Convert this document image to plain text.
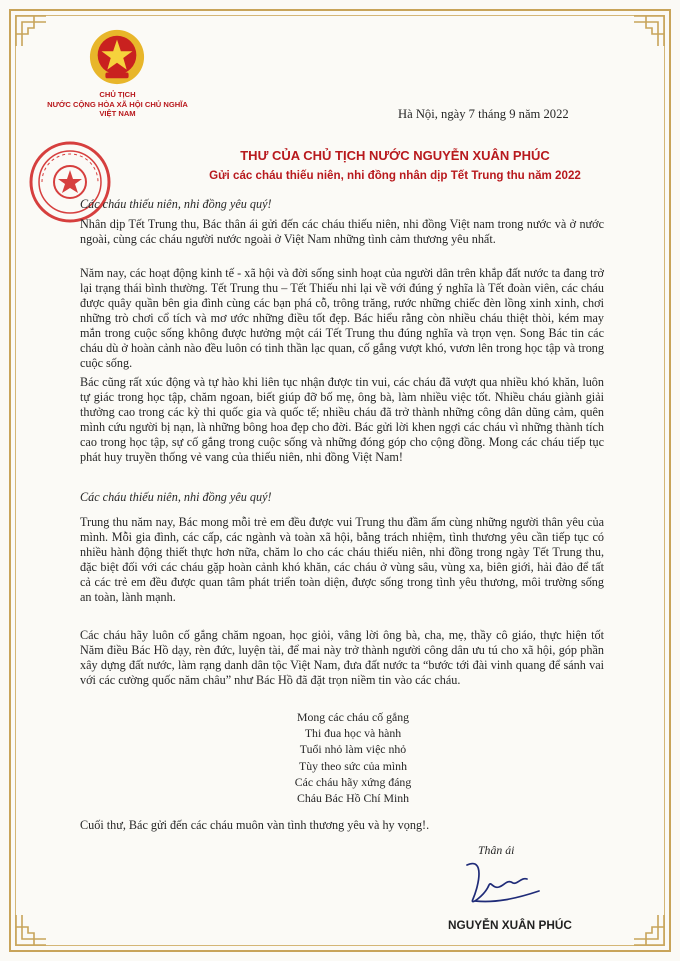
CHỦ TỊCH
NƯỚC CỘNG HÒA XÃ HỘI CHỦ NGHĨA
VIỆT NAM	Hà Nội, ngày 7 tháng 9 năm 2022
THƯ CỦA CHỦ TỊCH NƯỚC NGUYỄN XUÂN PHÚC
Gửi các cháu thiếu niên, nhi đồng nhân dịp Tết Trung thu năm 2022
Các cháu thiếu niên, nhi đồng yêu quý!
Nhân dịp Tết Trung thu, Bác thân ái gửi đến các cháu thiếu niên, nhi đồng Việt nam trong nước và ở nước ngoài, cùng các cháu người nước ngoài ở Việt Nam những tình cảm thương yêu nhất.
Năm nay, các hoạt động kinh tế - xã hội và đời sống sinh hoạt của người dân trên khắp đất nước ta đang trở lại trạng thái bình thường. Tết Trung thu – Tết Thiếu nhi lại về với đúng ý nghĩa là Tết đoàn viên, các cháu được quây quần bên gia đình cùng các bạn phá cỗ, trông trăng, rước những chiếc đèn lồng xinh xinh, chơi những trò chơi cổ tích và mơ ước những điều tốt đẹp. Bác hiểu rằng còn nhiều cháu thiệt thòi, kém may mắn trong cuộc sống không được hưởng một cái Tết Trung thu đúng nghĩa và trọn vẹn. Song Bác tin các cháu dù ở hoàn cảnh nào đều luôn có tinh thần lạc quan, cố gắng vượt khó, vươn lên trong học tập và trong cuộc sống.
Bác cũng rất xúc động và tự hào khi liên tục nhận được tin vui, các cháu đã vượt qua nhiều khó khăn, luôn tự giác trong học tập, chăm ngoan, biết giúp đỡ bố mẹ, ông bà, làm nhiều việc tốt. Nhiều cháu giành giải thưởng cao trong các kỳ thi quốc gia và quốc tế; nhiều cháu đã trở thành những công dân dũng cảm, quên mình cứu người bị nạn, là những bông hoa đẹp cho đời. Bác gửi lời khen ngợi các cháu vì những thành tích cao trong học tập, sự cố gắng trong cuộc sống và những đóng góp cho cộng đồng. Mong các cháu tiếp tục phát huy truyền thống vẻ vang của thiếu niên, nhi đồng Việt Nam!
Các cháu thiếu niên, nhi đồng yêu quý!
Trung thu năm nay, Bác mong mỗi trẻ em đều được vui Trung thu đầm ấm cùng những người thân yêu của mình. Mỗi gia đình, các cấp, các ngành và toàn xã hội, bằng trách nhiệm, tình thương yêu cần tiếp tục có nhiều hành động thiết thực hơn nữa, chăm lo cho các cháu thiếu niên, nhi đồng trong ngày Tết Trung thu, đặc biệt đối với các cháu gặp hoàn cảnh khó khăn, các cháu ở vùng sâu, vùng xa, biên giới, hải đảo để tất cả các trẻ em đều được quan tâm phát triển toàn diện, được sống trong tình yêu thương, môi trường sống an toàn, lành mạnh.
Các cháu hãy luôn cố gắng chăm ngoan, học giỏi, vâng lời ông bà, cha, mẹ, thầy cô giáo, thực hiện tốt Năm điều Bác Hồ dạy, rèn đức, luyện tài, để mai này trở thành người công dân ưu tú cho xã hội, góp phần xây dựng đất nước, làm rạng danh dân tộc Việt Nam, đưa đất nước ta “bước tới đài vinh quang để sánh vai với các cường quốc năm châu” như Bác Hồ đã đặt trọn niềm tin vào các cháu.
Mong các cháu cố gắng
Thi đua học và hành
Tuổi nhỏ làm việc nhỏ
Tùy theo sức của mình
Các cháu hãy xứng đáng
Cháu Bác Hồ Chí Minh
Cuối thư, Bác gửi đến các cháu muôn vàn tình thương yêu và hy vọng!.
Thân ái
NGUYỄN XUÂN PHÚC
